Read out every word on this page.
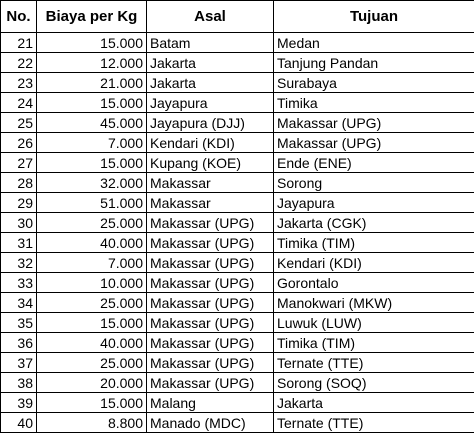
No.	Biaya per Kg	Asal	Tujuan
21	15.000	Batam	Medan
22	12.000	Jakarta	Tanjung Pandan
23	21.000	Jakarta	Surabaya
24	15.000	Jayapura	Timika
25	45.000	Jayapura (DJJ)	Makassar (UPG)
26	7.000	Kendari (KDI)	Makassar (UPG)
27	15.000	Kupang (KOE)	Ende (ENE)
28	32.000	Makassar	Sorong
29	51.000	Makassar	Jayapura
30	25.000	Makassar (UPG)	Jakarta (CGK)
31	40.000	Makassar (UPG)	Timika (TIM)
32	7.000	Makassar (UPG)	Kendari (KDI)
33	10.000	Makassar (UPG)	Gorontalo
34	25.000	Makassar (UPG)	Manokwari (MKW)
35	15.000	Makassar (UPG)	Luwuk (LUW)
36	40.000	Makassar (UPG)	Timika (TIM)
37	25.000	Makassar (UPG)	Ternate (TTE)
38	20.000	Makassar (UPG)	Sorong (SOQ)
39	15.000	Malang	Jakarta
40	8.800	Manado (MDC)	Ternate (TTE)
